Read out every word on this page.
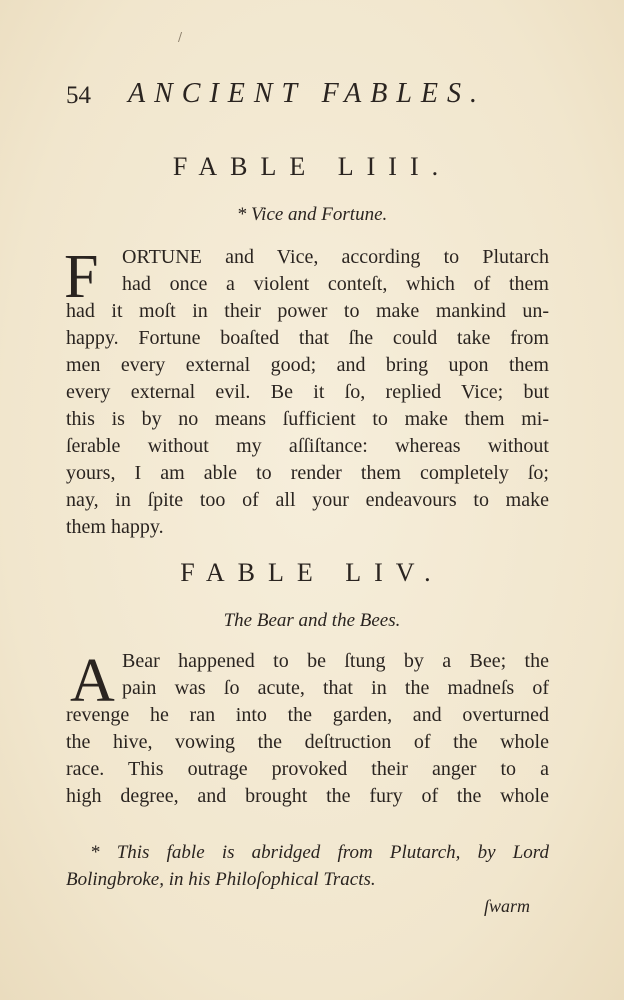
/
54 ANCIENT FABLES.
FABLE LIII.
* Vice and Fortune.
F ORTUNE and Vice, according to Plutarch
had once a violent conteſt, which of them
had it moſt in their power to make mankind un-
happy. Fortune boaſted that ſhe could take from
men every external good; and bring upon them
every external evil. Be it ſo, replied Vice; but
this is by no means ſufficient to make them mi-
ſerable without my aſſiſtance: whereas without
yours, I am able to render them completely ſo;
nay, in ſpite too of all your endeavours to make
them happy.
FABLE LIV.
The Bear and the Bees.
A Bear happened to be ſtung by a Bee; the
pain was ſo acute, that in the madneſs of
revenge he ran into the garden, and overturned
the hive, vowing the deſtruction of the whole
race. This outrage provoked their anger to a
high degree, and brought the fury of the whole
* This fable is abridged from Plutarch, by Lord
Bolingbroke, in his Philoſophical Tracts.
ſwarm
